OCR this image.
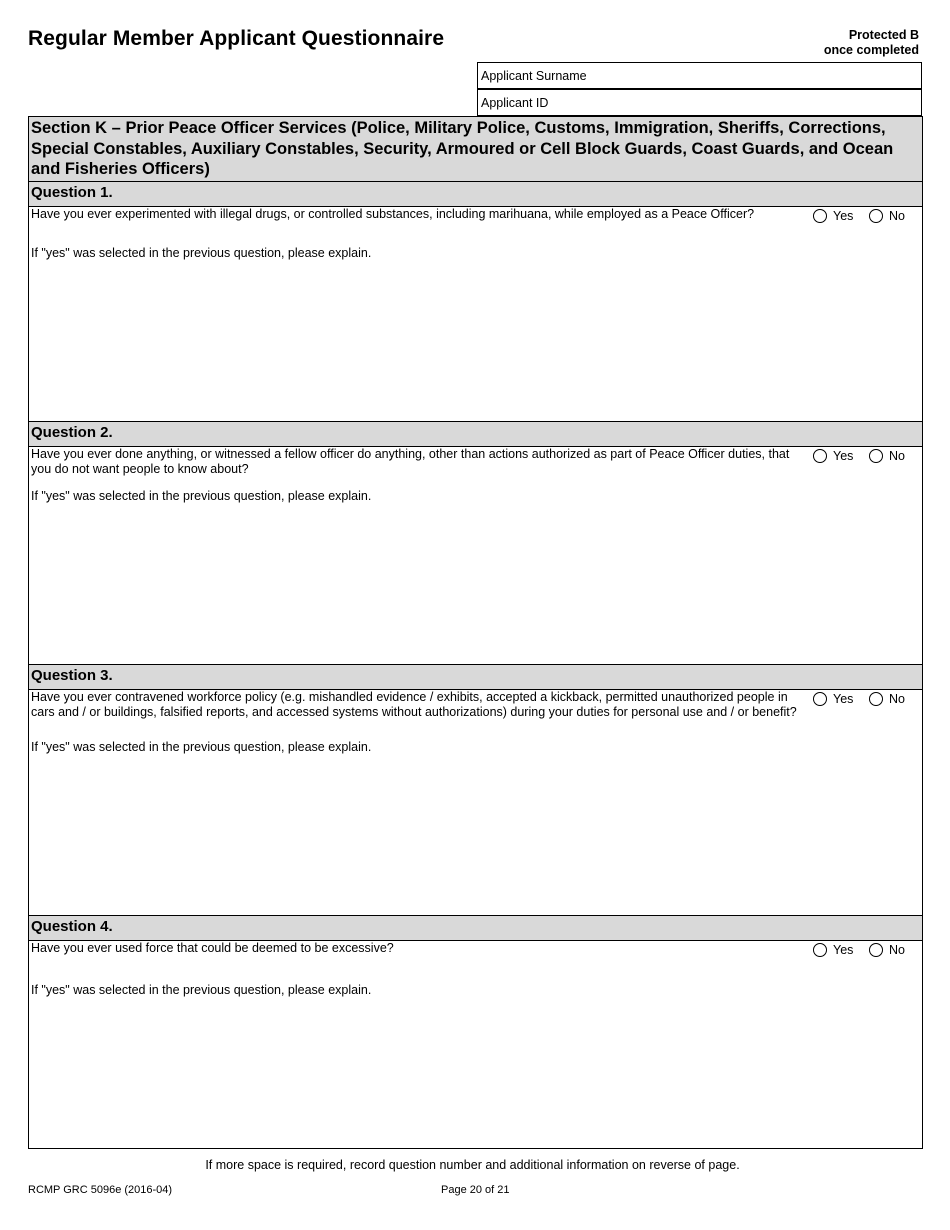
Regular Member Applicant Questionnaire	Protected B
once completed
Applicant Surname
Applicant ID
Section K – Prior Peace Officer Services (Police, Military Police, Customs, Immigration, Sheriffs, Corrections, Special Constables, Auxiliary Constables, Security, Armoured or Cell Block Guards, Coast Guards, and Ocean and Fisheries Officers)
Question 1.
Have you ever experimented with illegal drugs, or controlled substances, including marihuana, while employed as a Peace Officer?	Yes	No
If "yes" was selected in the previous question, please explain.
Question 2.
Have you ever done anything, or witnessed a fellow officer do anything, other than actions authorized as part of Peace Officer duties, that you do not want people to know about?
Yes	No
If "yes" was selected in the previous question, please explain.
Question 3.
Have you ever contravened workforce policy (e.g. mishandled evidence / exhibits, accepted a kickback, permitted unauthorized people in cars and / or buildings, falsified reports, and accessed systems without authorizations) during your duties for personal use and / or benefit?
Yes	No
If "yes" was selected in the previous question, please explain.
Question 4.
Have you ever used force that could be deemed to be excessive?	Yes	No
If "yes" was selected in the previous question, please explain.
If more space is required, record question number and additional information on reverse of page.
RCMP GRC 5096e (2016-04)	Page 20 of 21
